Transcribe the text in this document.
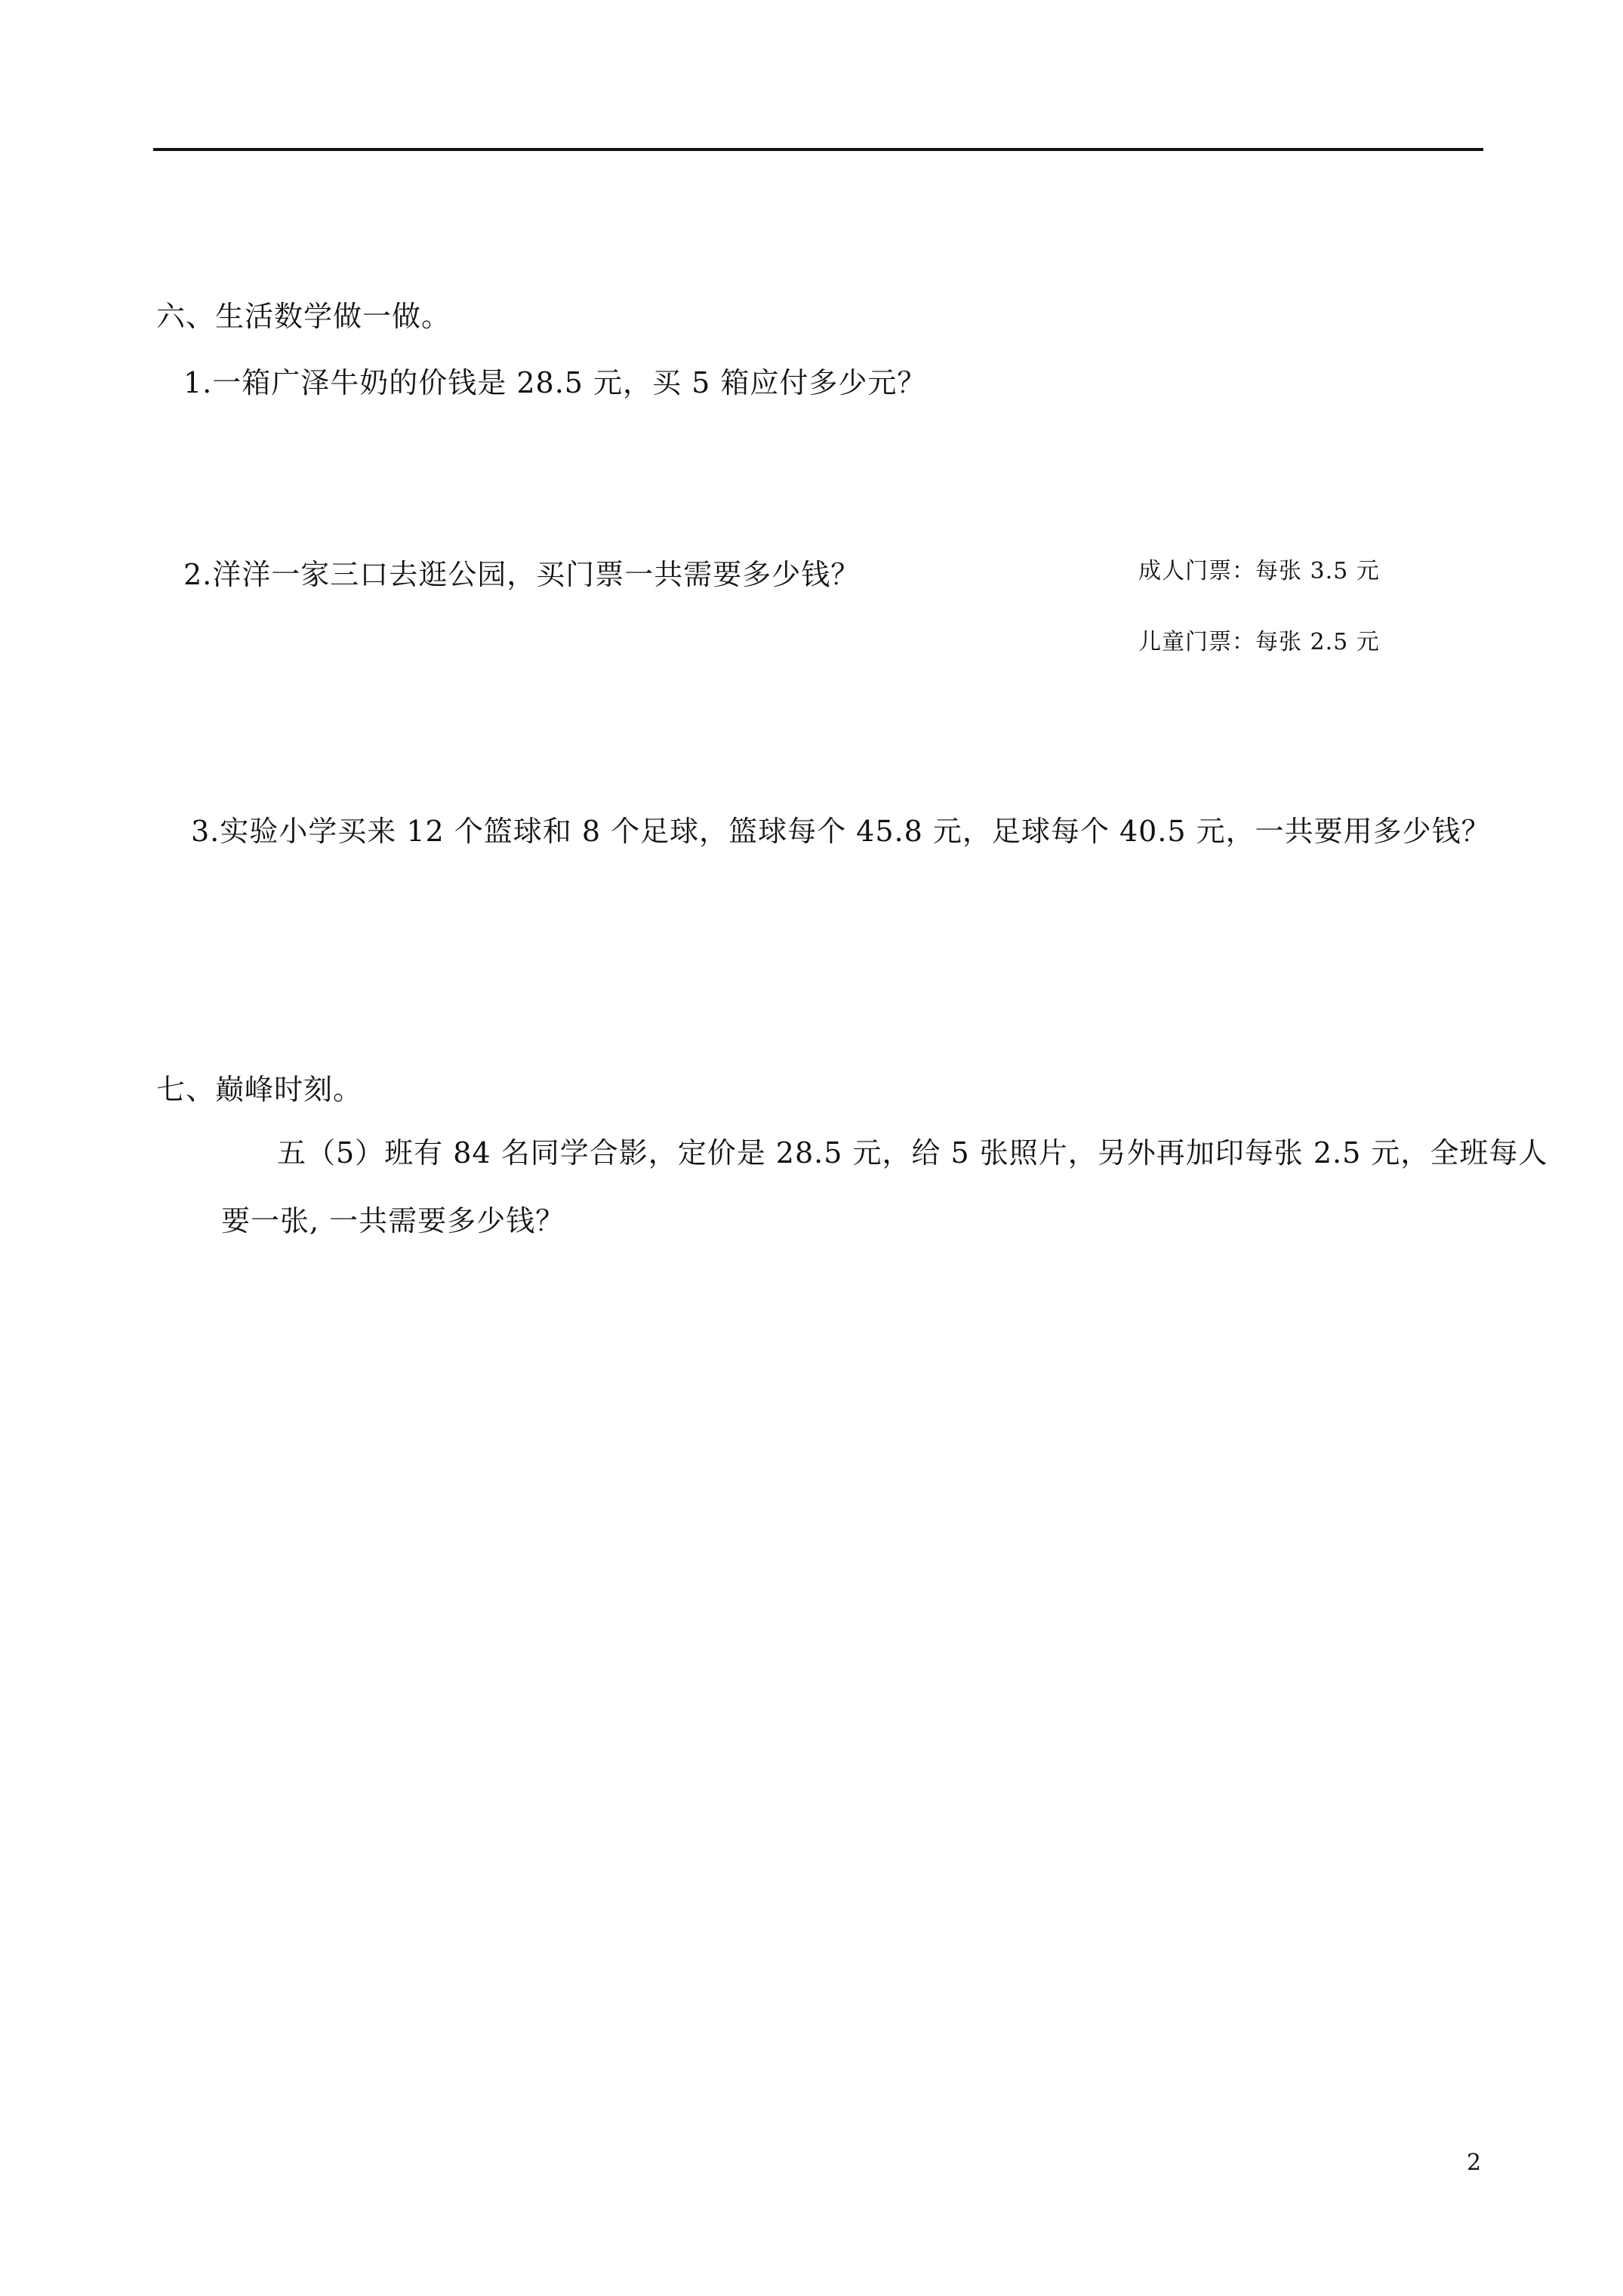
六、生活数学做一做。
1.一箱广泽牛奶的价钱是 28.5 元，买 5 箱应付多少元？
2.洋洋一家三口去逛公园，买门票一共需要多少钱？	成人门票：每张 3.5 元
儿童门票：每张 2.5 元
3.实验小学买来 12 个篮球和 8 个足球，篮球每个 45.8 元，足球每个 40.5 元，一共要用多少钱？
七、巅峰时刻。
五（5）班有 84 名同学合影，定价是 28.5 元，给 5 张照片，另外再加印每张 2.5 元，全班每人
要一张, 一共需要多少钱？
2
